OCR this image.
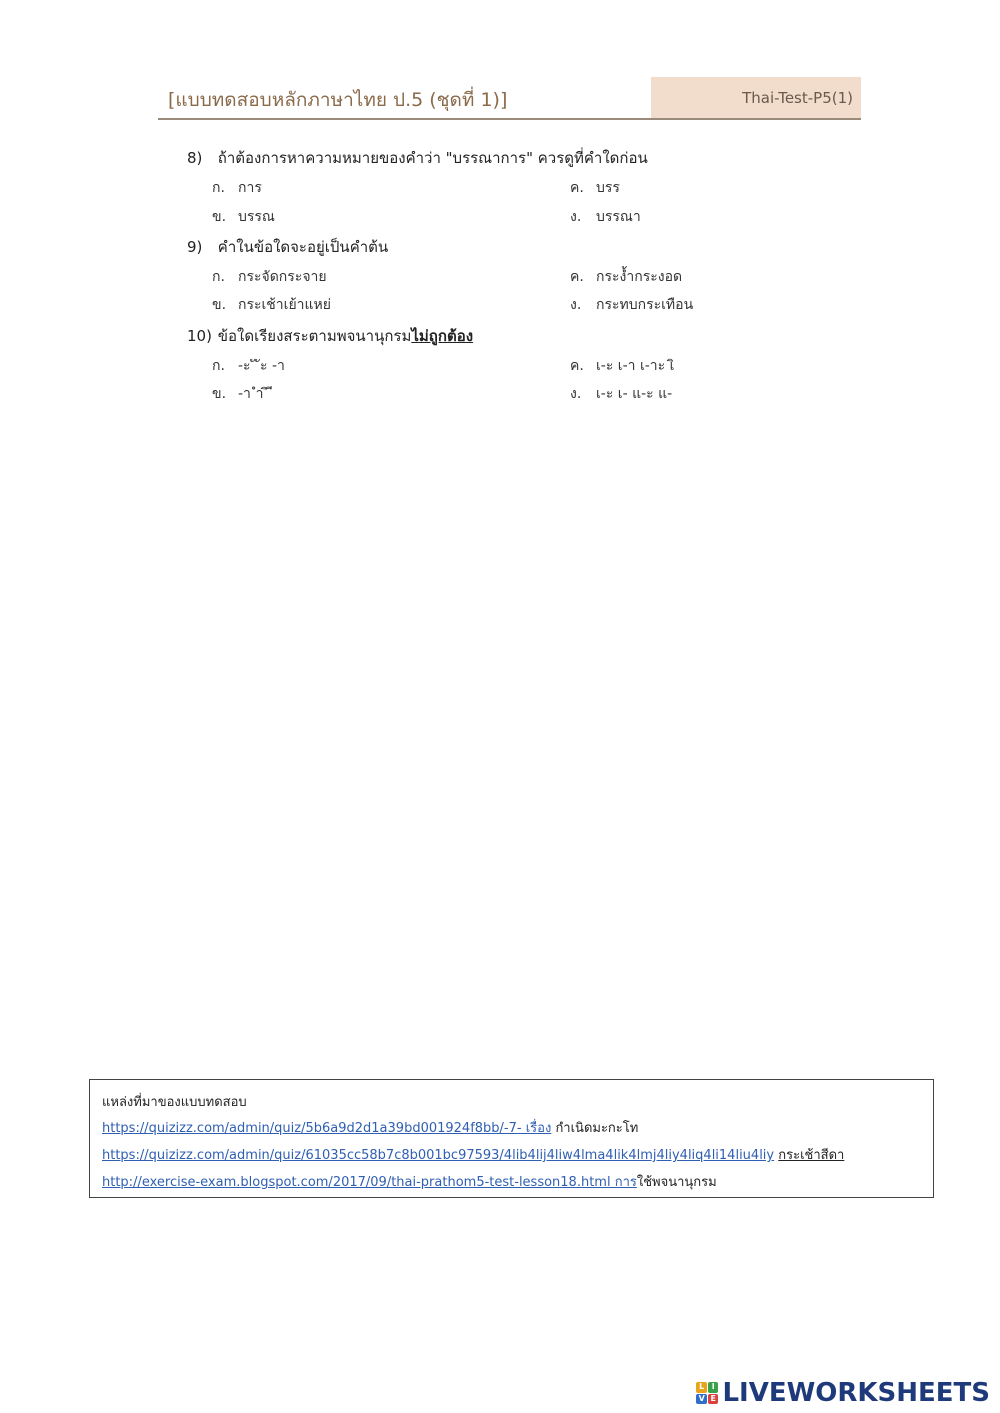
Thai-Test-P5(1)
[แบบทดสอบหลักภาษาไทย ป.5 (ชุดที่ 1)]
8) ถ้าต้องการหาความหมายของคำว่า "บรรณาการ" ควรดูที่คำใดก่อน
ก. การ	ค. บรร
ข. บรรณ	ง. บรรณา
9) คำในข้อใดจะอยู่เป็นคำต้น
ก. กระจัดกระจาย	ค. กระง้ำกระงอด
ข. กระเช้าเย้าแหย่	ง. กระทบกระเทือน
10) ข้อใดเรียงสระตามพจนานุกรมไม่ถูกต้อง
ก. -ะ ั ัะ -า	ค. เ-ะ เ-า เ-าะ เิ
ข. -า ำ ิ ี	ง. เ-ะ เ- แ-ะ แ-
แหล่งที่มาของแบบทดสอบ
https://quizizz.com/admin/quiz/5b6a9d2d1a39bd001924f8bb/-7- เรื่อง กำเนิดมะกะโท
https://quizizz.com/admin/quiz/61035cc58b7c8b001bc97593/4lib4lij4liw4lma4lik4lmj4liy4liq4li14liu4liy กระเช้าสีดา
http://exercise-exam.blogspot.com/2017/09/thai-prathom5-test-lesson18.html การใช้พจนานุกรม
L I
V E LIVEWORKSHEETS
